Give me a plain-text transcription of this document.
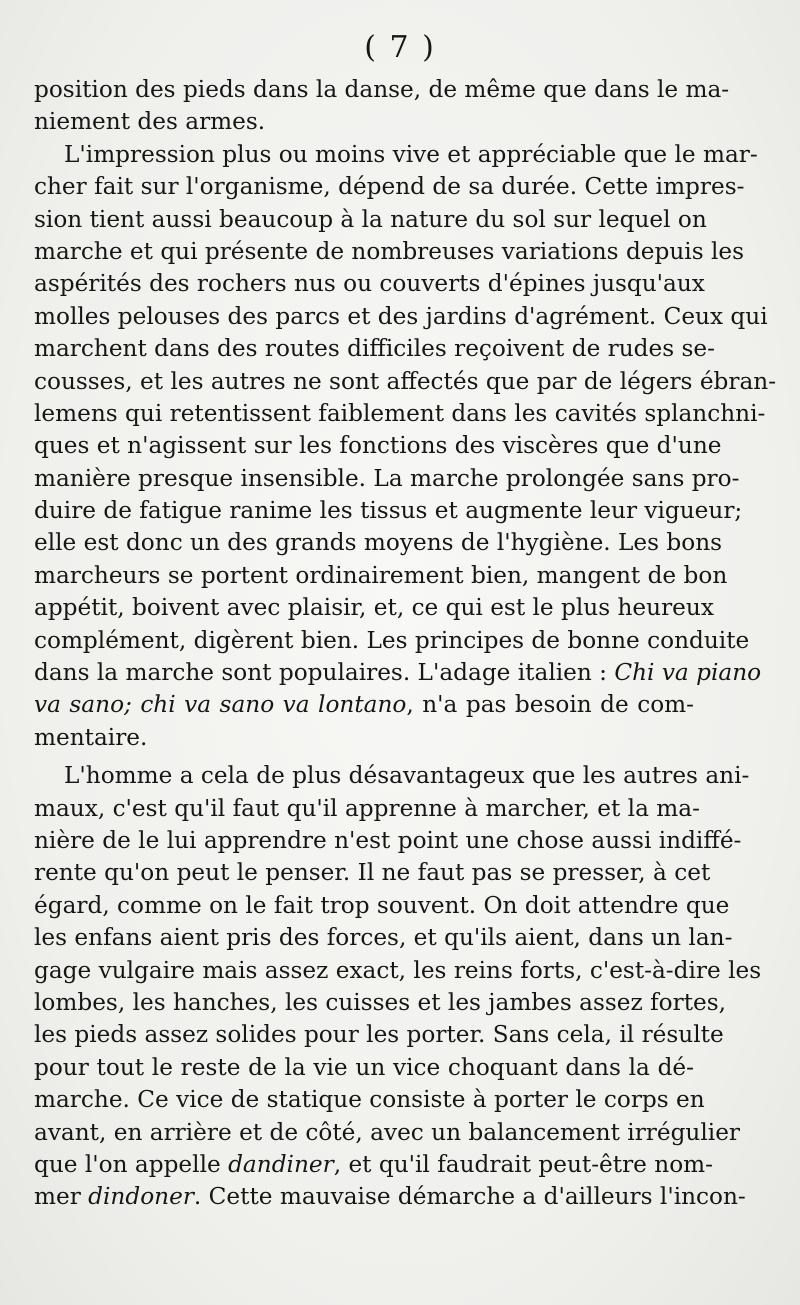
( 7 )
position des pieds dans la danse, de même que dans le ma-
niement des armes.
L'impression plus ou moins vive et appréciable que le mar-
cher fait sur l'organisme, dépend de sa durée. Cette impres-
sion tient aussi beaucoup à la nature du sol sur lequel on
marche et qui présente de nombreuses variations depuis les
aspérités des rochers nus ou couverts d'épines jusqu'aux
molles pelouses des parcs et des jardins d'agrément. Ceux qui
marchent dans des routes difficiles reçoivent de rudes se-
cousses, et les autres ne sont affectés que par de légers ébran-
lemens qui retentissent faiblement dans les cavités splanchni-
ques et n'agissent sur les fonctions des viscères que d'une
manière presque insensible. La marche prolongée sans pro-
duire de fatigue ranime les tissus et augmente leur vigueur;
elle est donc un des grands moyens de l'hygiène. Les bons
marcheurs se portent ordinairement bien, mangent de bon
appétit, boivent avec plaisir, et, ce qui est le plus heureux
complément, digèrent bien. Les principes de bonne conduite
dans la marche sont populaires. L'adage italien : Chi va piano
va sano; chi va sano va lontano, n'a pas besoin de com-
mentaire.
L'homme a cela de plus désavantageux que les autres ani-
maux, c'est qu'il faut qu'il apprenne à marcher, et la ma-
nière de le lui apprendre n'est point une chose aussi indiffé-
rente qu'on peut le penser. Il ne faut pas se presser, à cet
égard, comme on le fait trop souvent. On doit attendre que
les enfans aient pris des forces, et qu'ils aient, dans un lan-
gage vulgaire mais assez exact, les reins forts, c'est-à-dire les
lombes, les hanches, les cuisses et les jambes assez fortes,
les pieds assez solides pour les porter. Sans cela, il résulte
pour tout le reste de la vie un vice choquant dans la dé-
marche. Ce vice de statique consiste à porter le corps en
avant, en arrière et de côté, avec un balancement irrégulier
que l'on appelle dandiner, et qu'il faudrait peut-être nom-
mer dindoner. Cette mauvaise démarche a d'ailleurs l'incon-
